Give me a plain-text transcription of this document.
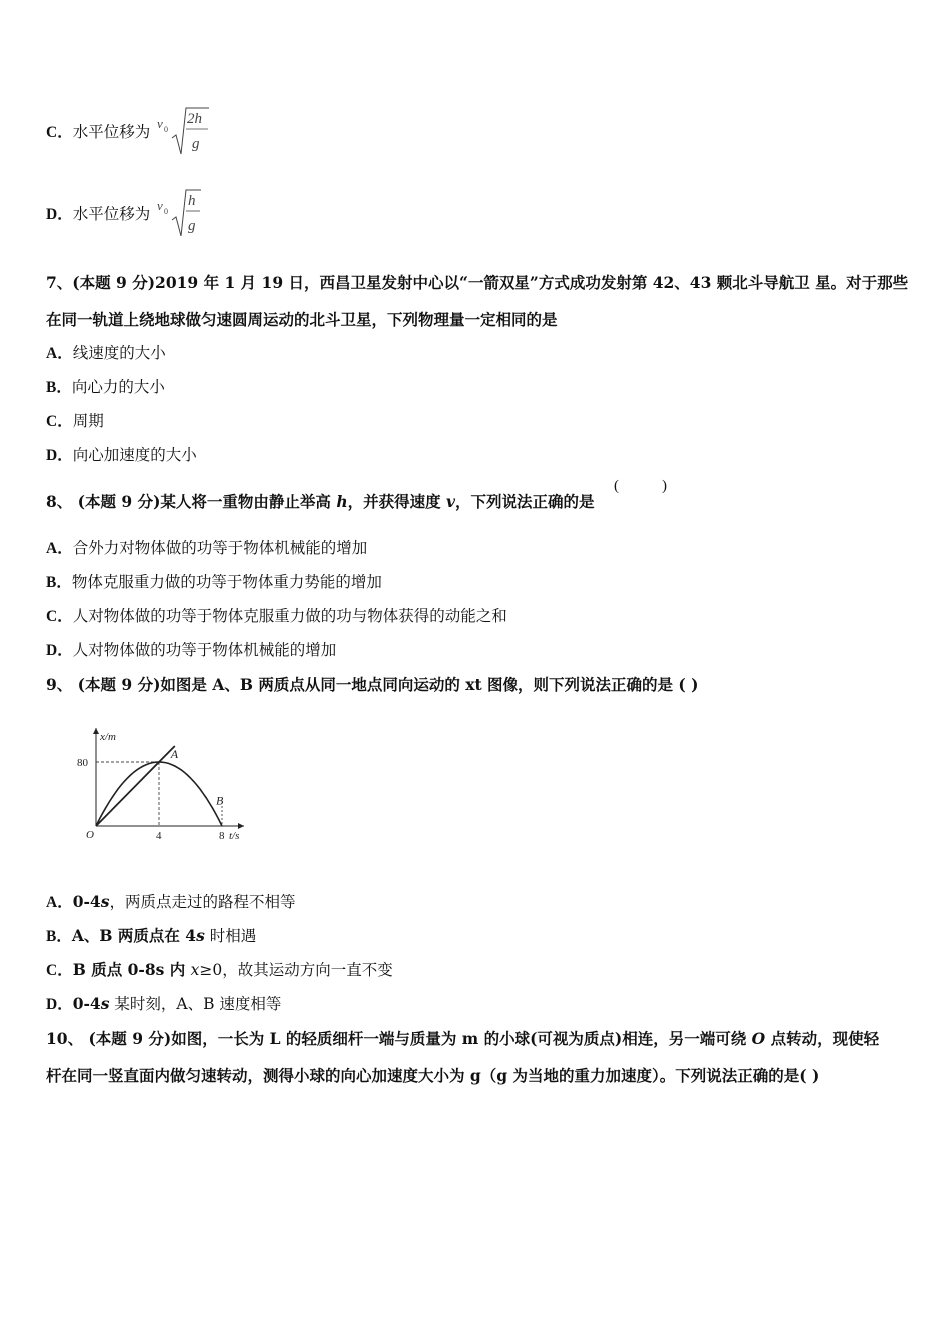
C．水平位移为 v 0
2h
g
D．水平位移为 v 0
h
g
7、(本题 9 分)2019 年 1 月 19 日，西昌卫星发射中心以“一箭双星”方式成功发射第 42、43 颗北斗导航卫 星。对于那些
在同一轨道上绕地球做匀速圆周运动的北斗卫星，下列物理量一定相同的是
A．线速度的大小
B．向心力的大小
C．周期
D．向心加速度的大小
8、 (本题 9 分)某人将一重物由静止举高 h，并获得速度 v，下列说法正确的是
(	)
A．合外力对物体做的功等于物体机械能的增加
B．物体克服重力做的功等于物体重力势能的增加
C．人对物体做的功等于物体克服重力做的功与物体获得的动能之和
D．人对物体做的功等于物体机械能的增加
9、 (本题 9 分)如图是 A、B 两质点从同一地点同向运动的 xt 图像，则下列说法正确的是 ( )
x/m
t/s
O
80
4	8
A
B
A．0-4s，两质点走过的路程不相等
B．A、B 两质点在 4s 时相遇
C．B 质点 0-8s 内 x≥0，故其运动方向一直不变
D．0-4s 某时刻，A、B 速度相等
10、 (本题 9 分)如图，一长为 L 的轻质细杆一端与质量为 m 的小球(可视为质点)相连，另一端可绕 O 点转动，现使轻
杆在同一竖直面内做匀速转动，测得小球的向心加速度大小为 g（g 为当地的重力加速度）。下列说法正确的是( )
